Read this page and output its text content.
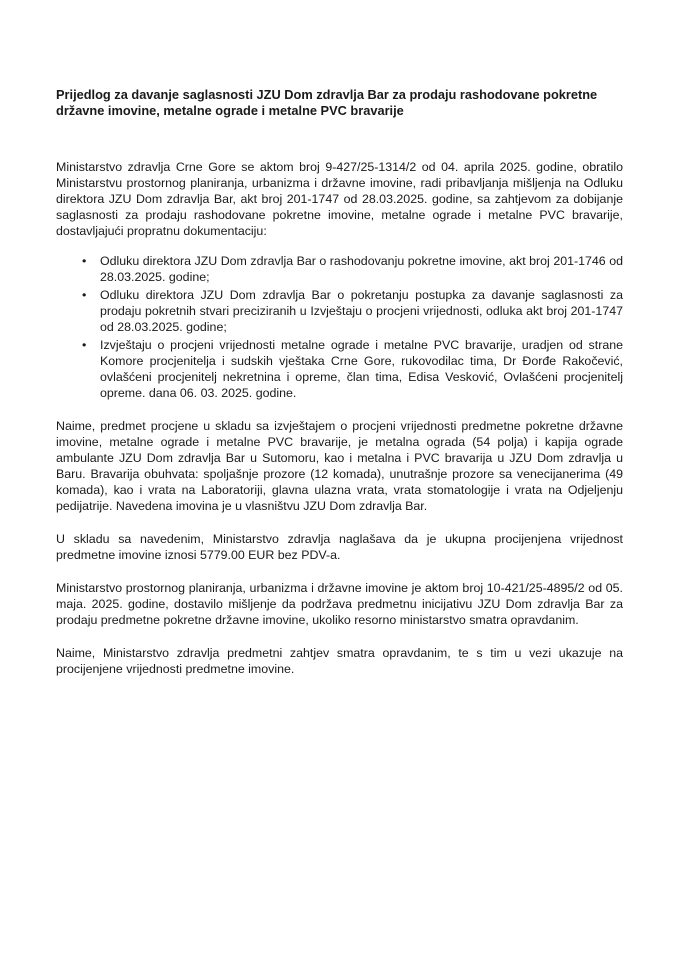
Prijedlog za davanje saglasnosti JZU Dom zdravlja Bar za prodaju rashodovane pokretne državne imovine, metalne ograde i metalne PVC bravarije

Ministarstvo zdravlja Crne Gore se aktom broj 9-427/25-1314/2 od 04. aprila 2025. godine, obratilo Ministarstvu prostornog planiranja, urbanizma i državne imovine, radi pribavljanja mišljenja na Odluku direktora JZU Dom zdravlja Bar, akt broj 201-1747 od 28.03.2025. godine, sa zahtjevom za dobijanje saglasnosti za prodaju rashodovane pokretne imovine, metalne ograde i metalne PVC bravarije, dostavljajući propratnu dokumentaciju:

• Odluku direktora JZU Dom zdravlja Bar o rashodovanju pokretne imovine, akt broj 201-1746 od 28.03.2025. godine;
• Odluku direktora JZU Dom zdravlja Bar o pokretanju postupka za davanje saglasnosti za prodaju pokretnih stvari preciziranih u Izvještaju o procjeni vrijednosti, odluka akt broj 201-1747 od 28.03.2025. godine;
• Izvještaju o procjeni vrijednosti metalne ograde i metalne PVC bravarije, uradjen od strane Komore procjenitelja i sudskih vještaka Crne Gore, rukovodilac tima, Dr Đorđe Rakočević, ovlašćeni procjenitelj nekretnina i opreme, član tima, Edisa Vesković, Ovlašćeni procjenitelj opreme. dana 06. 03. 2025. godine.

Naime, predmet procjene u skladu sa izvještajem o procjeni vrijednosti predmetne pokretne državne imovine, metalne ograde i metalne PVC bravarije, je metalna ograda (54 polja) i kapija ograde ambulante JZU Dom zdravlja Bar u Sutomoru, kao i metalna i PVC bravarija u JZU Dom zdravlja u Baru. Bravarija obuhvata: spoljašnje prozore (12 komada), unutrašnje prozore sa venecijanerima (49 komada), kao i vrata na Laboratoriji, glavna ulazna vrata, vrata stomatologije i vrata na Odjeljenju pedijatrije. Navedena imovina je u vlasništvu JZU Dom zdravlja Bar.

U skladu sa navedenim, Ministarstvo zdravlja naglašava da je ukupna procijenjena vrijednost predmetne imovine iznosi 5779.00 EUR bez PDV-a.

Ministarstvo prostornog planiranja, urbanizma i državne imovine je aktom broj 10-421/25-4895/2 od 05. maja. 2025. godine, dostavilo mišljenje da podržava predmetnu inicijativu JZU Dom zdravlja Bar za prodaju predmetne pokretne državne imovine, ukoliko resorno ministarstvo smatra opravdanim.

Naime, Ministarstvo zdravlja predmetni zahtjev smatra opravdanim, te s tim u vezi ukazuje na procijenjene vrijednosti predmetne imovine.
